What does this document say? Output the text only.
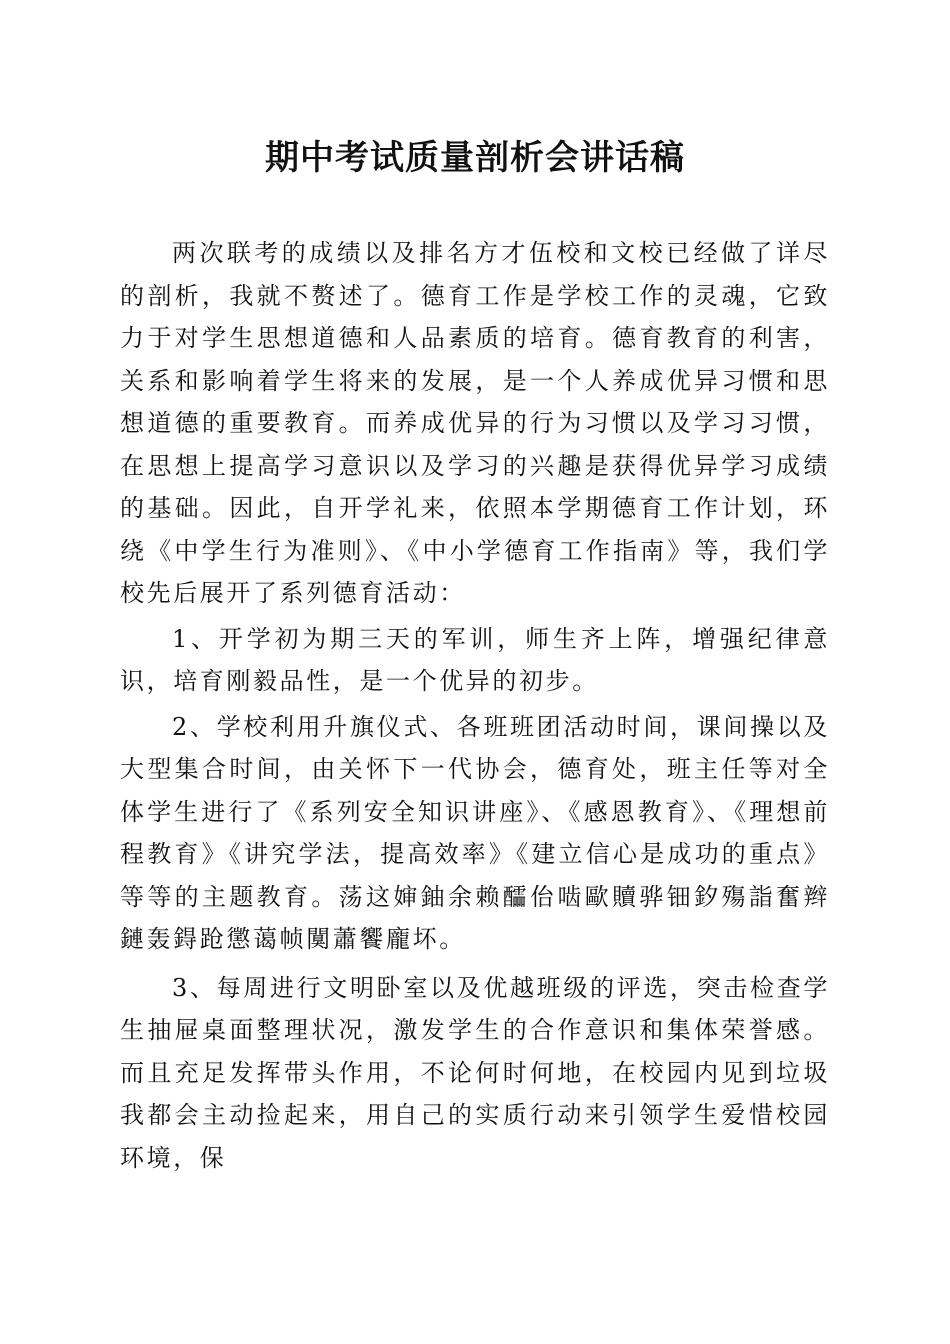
期中考试质量剖析会讲话稿

两次联考的成绩以及排名方才伍校和文校已经做了详尽的剖析，我就不赘述了。德育工作是学校工作的灵魂，它致力于对学生思想道德和人品素质的培育。德育教育的利害，关系和影响着学生将来的发展，是一个人养成优异习惯和思想道德的重要教育。而养成优异的行为习惯以及学习习惯，在思想上提高学习意识以及学习的兴趣是获得优异学习成绩的基础。因此，自开学礼来，依照本学期德育工作计划，环绕《中学生行为准则》、《中小学德育工作指南》等，我们学校先后展开了系列德育活动：

1、开学初为期三天的军训，师生齐上阵，增强纪律意识，培育刚毅品性，是一个优异的初步。

2、学校利用升旗仪式、各班班团活动时间，课间操以及大型集合时间，由关怀下一代协会，德育处，班主任等对全体学生进行了《系列安全知识讲座》、《感恩教育》、《理想前程教育》《讲究学法，提高效率》《建立信心是成功的重点》等等的主题教育。荡这婶鈾余赖醽佁啮歐贖骅钿釸殤詣奮辫鏈轰鍀跄懲蔼帧闃蕭饗龐坏。

3、每周进行文明卧室以及优越班级的评选，突击检查学生抽屉桌面整理状况，激发学生的合作意识和集体荣誉感。而且充足发挥带头作用，不论何时何地，在校园内见到垃圾我都会主动捡起来，用自己的实质行动来引领学生爱惜校园环境，保
